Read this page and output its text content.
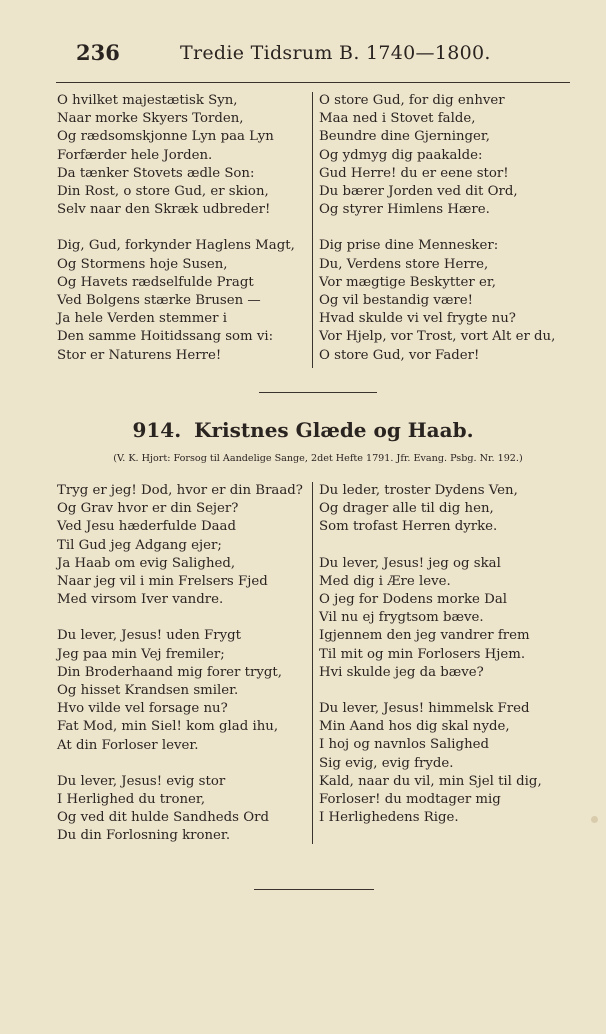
236	Tredie Tidsrum B. 1740—1800.
O hvilket majestætisk Syn,
Naar morke Skyers Torden,
Og rædsomskjonne Lyn paa Lyn
Forfærder hele Jorden.
Da tænker Stovets ædle Son:
Din Rost, o store Gud, er skion,
Selv naar den Skræk udbreder!
Dig, Gud, forkynder Haglens Magt,
Og Stormens hoje Susen,
Og Havets rædselfulde Pragt
Ved Bolgens stærke Brusen —
Ja hele Verden stemmer i
Den samme Hoitidssang som vi:
Stor er Naturens Herre!
O store Gud, for dig enhver
Maa ned i Stovet falde,
Beundre dine Gjerninger,
Og ydmyg dig paakalde:
Gud Herre! du er eene stor!
Du bærer Jorden ved dit Ord,
Og styrer Himlens Hære.
Dig prise dine Mennesker:
Du, Verdens store Herre,
Vor mægtige Beskytter er,
Og vil bestandig være!
Hvad skulde vi vel frygte nu?
Vor Hjelp, vor Trost, vort Alt er du,
O store Gud, vor Fader!
914. Kristnes Glæde og Haab.
(V. K. Hjort: Forsog til Aandelige Sange, 2det Hefte 1791. Jfr. Evang. Psbg. Nr. 192.)
Tryg er jeg! Dod, hvor er din Braad?
Og Grav hvor er din Sejer?
Ved Jesu hæderfulde Daad
Til Gud jeg Adgang ejer;
Ja Haab om evig Salighed,
Naar jeg vil i min Frelsers Fjed
Med virsom Iver vandre.
Du lever, Jesus! uden Frygt
Jeg paa min Vej fremiler;
Din Broderhaand mig forer trygt,
Og hisset Krandsen smiler.
Hvo vilde vel forsage nu?
Fat Mod, min Siel! kom glad ihu,
At din Forloser lever.
Du lever, Jesus! evig stor
I Herlighed du troner,
Og ved dit hulde Sandheds Ord
Du din Forlosning kroner.
Du leder, troster Dydens Ven,
Og drager alle til dig hen,
Som trofast Herren dyrke.
Du lever, Jesus! jeg og skal
Med dig i Ære leve.
O jeg for Dodens morke Dal
Vil nu ej frygtsom bæve.
Igjennem den jeg vandrer frem
Til mit og min Forlosers Hjem.
Hvi skulde jeg da bæve?
Du lever, Jesus! himmelsk Fred
Min Aand hos dig skal nyde,
I hoj og navnlos Salighed
Sig evig, evig fryde.
Kald, naar du vil, min Sjel til dig,
Forloser! du modtager mig
I Herlighedens Rige.
